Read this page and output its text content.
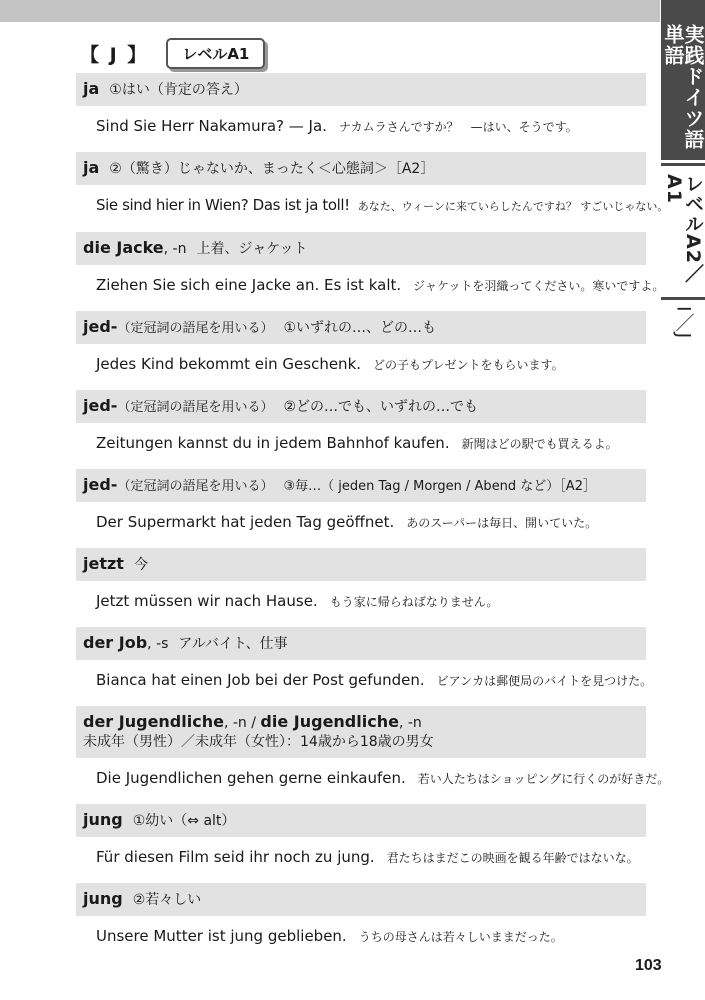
実践ドイツ語単語
レベルA2／A1
I／J
【 J 】	レベルA1
ja ①はい（肯定の答え）
Sind Sie Herr Nakamura? — Ja. ナカムラさんですか？ —はい、そうです。
ja ②（驚き）じゃないか、まったく＜心態詞＞［A2］
Sie sind hier in Wien? Das ist ja toll! あなた、ウィーンに来ていらしたんですね？ すごいじゃない。
die Jacke, -n 上着、ジャケット
Ziehen Sie sich eine Jacke an. Es ist kalt. ジャケットを羽織ってください。寒いですよ。
jed-（定冠詞の語尾を用いる） ①いずれの…、どの…も
Jedes Kind bekommt ein Geschenk. どの子もプレゼントをもらいます。
jed-（定冠詞の語尾を用いる） ②どの…でも、いずれの…でも
Zeitungen kannst du in jedem Bahnhof kaufen. 新聞はどの駅でも買えるよ。
jed-（定冠詞の語尾を用いる） ③毎…（ jeden Tag / Morgen / Abend など）［A2］
Der Supermarkt hat jeden Tag geöffnet. あのスーパーは毎日、開いていた。
jetzt 今
Jetzt müssen wir nach Hause. もう家に帰らねばなりません。
der Job, -s アルバイト、仕事
Bianca hat einen Job bei der Post gefunden. ビアンカは郵便局のバイトを見つけた。
der Jugendliche, -n / die Jugendliche, -n
未成年（男性）／未成年（女性）：14歳から18歳の男女
Die Jugendlichen gehen gerne einkaufen. 若い人たちはショッピングに行くのが好きだ。
jung ①幼い（⇔ alt）
Für diesen Film seid ihr noch zu jung. 君たちはまだこの映画を観る年齢ではないな。
jung ②若々しい
Unsere Mutter ist jung geblieben. うちの母さんは若々しいままだった。
103
